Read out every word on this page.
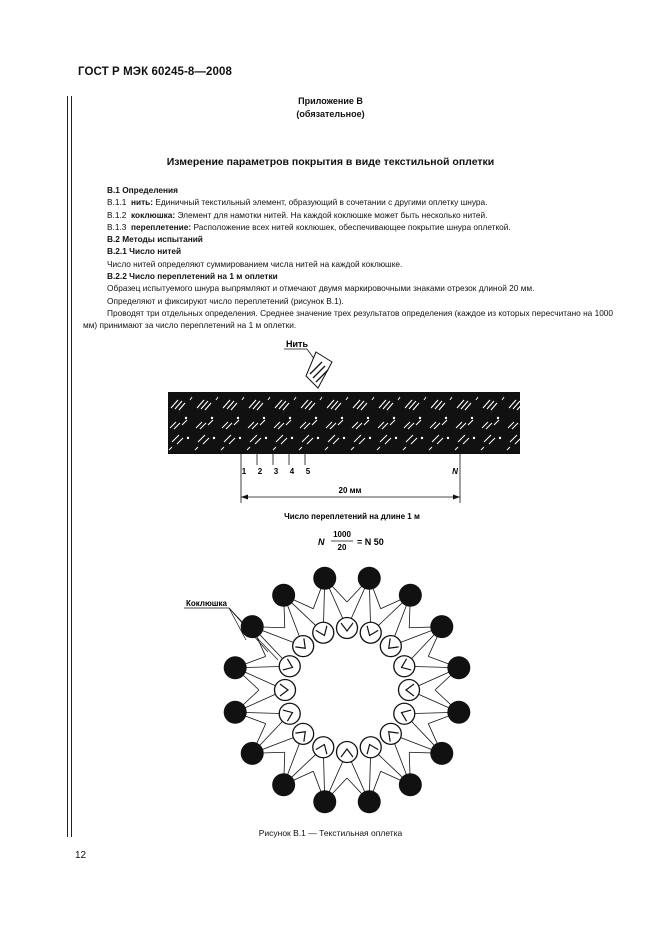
ГОСТ Р МЭК 60245-8—2008
Приложение В
(обязательное)
Измерение параметров покрытия в виде текстильной оплетки

В.1 Определения

В.1.1 нить: Единичный текстильный элемент, образующий в сочетании с другими оплетку шнура.

В.1.2 коклюшка: Элемент для намотки нитей. На каждой коклюшке может быть несколько нитей.

В.1.3 переплетение: Расположение всех нитей коклюшек, обеспечивающее покрытие шнура оплеткой.

В.2 Методы испытаний

В.2.1 Число нитей

Число нитей определяют суммированием числа нитей на каждой коклюшке.

В.2.2 Число переплетений на 1 м оплетки

Образец испытуемого шнура выпрямляют и отмечают двумя маркировочными знаками отрезок длиной 20 мм.

Определяют и фиксируют число переплетений (рисунок В.1).

Проводят три отдельных определения. Среднее значение трех результатов определения (каждое из которых пересчитано на 1000 мм) принимают за число переплетений на 1 м оплетки.

Нить
1 2 3 4 5	N
20 мм
Число переплетений на длине 1 м
N
1000
20
= N 50
Коклюшка
Рисунок В.1 — Текстильная оплетка
12
